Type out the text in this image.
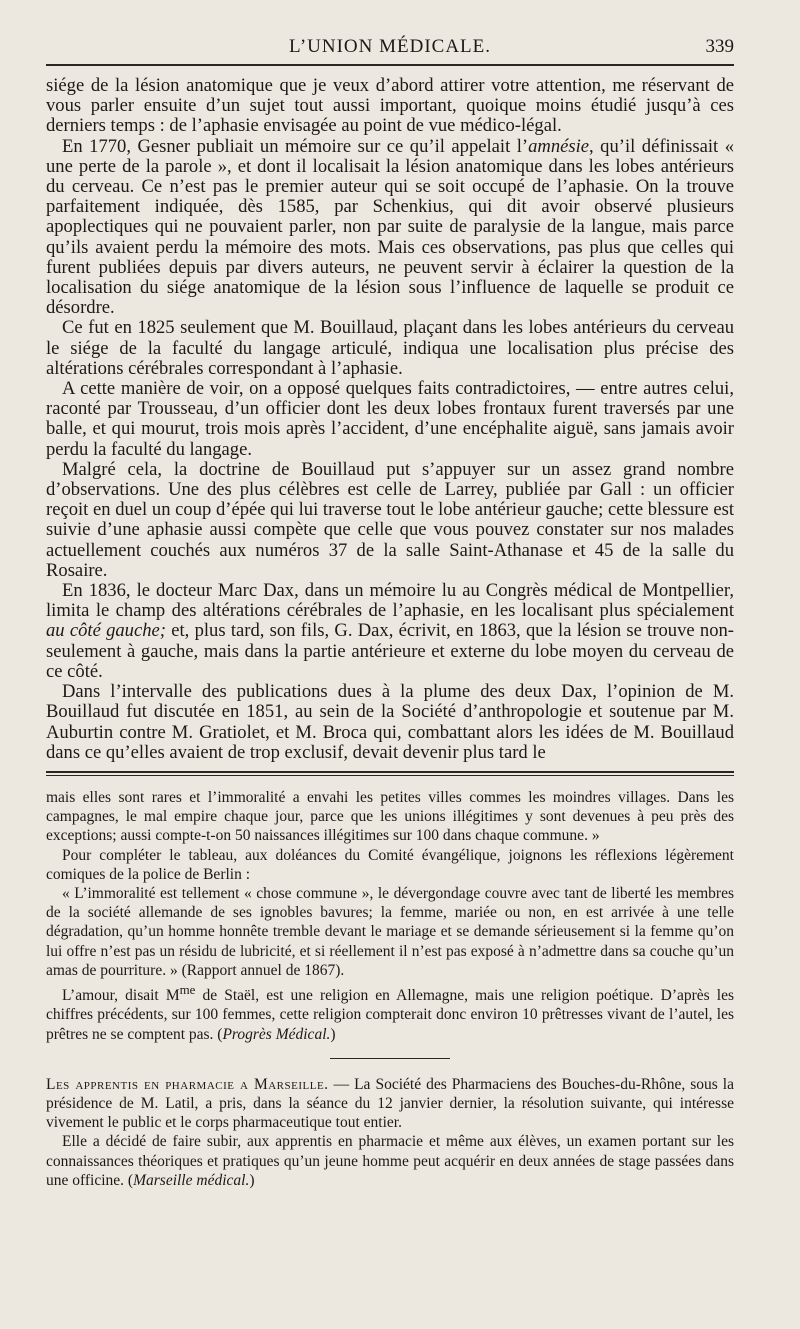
L’UNION MÉDICALE.	339

siége de la lésion anatomique que je veux d’abord attirer votre attention, me réservant de vous parler ensuite d’un sujet tout aussi important, quoique moins étudié jusqu’à ces derniers temps : de l’aphasie envisagée au point de vue médico-légal.

En 1770, Gesner publiait un mémoire sur ce qu’il appelait l’amnésie, qu’il définissait « une perte de la parole », et dont il localisait la lésion anatomique dans les lobes antérieurs du cerveau. Ce n’est pas le premier auteur qui se soit occupé de l’aphasie. On la trouve parfaitement indiquée, dès 1585, par Schenkius, qui dit avoir observé plusieurs apoplectiques qui ne pouvaient parler, non par suite de paralysie de la langue, mais parce qu’ils avaient perdu la mémoire des mots. Mais ces observations, pas plus que celles qui furent publiées depuis par divers auteurs, ne peuvent servir à éclairer la question de la localisation du siége anatomique de la lésion sous l’influence de laquelle se produit ce désordre.

Ce fut en 1825 seulement que M. Bouillaud, plaçant dans les lobes antérieurs du cerveau le siége de la faculté du langage articulé, indiqua une localisation plus précise des altérations cérébrales correspondant à l’aphasie.

A cette manière de voir, on a opposé quelques faits contradictoires, — entre autres celui, raconté par Trousseau, d’un officier dont les deux lobes frontaux furent traversés par une balle, et qui mourut, trois mois après l’accident, d’une encéphalite aiguë, sans jamais avoir perdu la faculté du langage.

Malgré cela, la doctrine de Bouillaud put s’appuyer sur un assez grand nombre d’observations. Une des plus célèbres est celle de Larrey, publiée par Gall : un officier reçoit en duel un coup d’épée qui lui traverse tout le lobe antérieur gauche; cette blessure est suivie d’une aphasie aussi compète que celle que vous pouvez constater sur nos malades actuellement couchés aux numéros 37 de la salle Saint-Athanase et 45 de la salle du Rosaire.

En 1836, le docteur Marc Dax, dans un mémoire lu au Congrès médical de Montpellier, limita le champ des altérations cérébrales de l’aphasie, en les localisant plus spécialement au côté gauche; et, plus tard, son fils, G. Dax, écrivit, en 1863, que la lésion se trouve non-seulement à gauche, mais dans la partie antérieure et externe du lobe moyen du cerveau de ce côté.

Dans l’intervalle des publications dues à la plume des deux Dax, l’opinion de M. Bouillaud fut discutée en 1851, au sein de la Société d’anthropologie et soutenue par M. Auburtin contre M. Gratiolet, et M. Broca qui, combattant alors les idées de M. Bouillaud dans ce qu’elles avaient de trop exclusif, devait devenir plus tard le

mais elles sont rares et l’immoralité a envahi les petites villes commes les moindres villages. Dans les campagnes, le mal empire chaque jour, parce que les unions illégitimes y sont devenues à peu près des exceptions; aussi compte-t-on 50 naissances illégitimes sur 100 dans chaque commune. »

Pour compléter le tableau, aux doléances du Comité évangélique, joignons les réflexions légèrement comiques de la police de Berlin :

« L’immoralité est tellement « chose commune », le dévergondage couvre avec tant de liberté les membres de la société allemande de ses ignobles bavures; la femme, mariée ou non, en est arrivée à une telle dégradation, qu’un homme honnête tremble devant le mariage et se demande sérieusement si la femme qu’on lui offre n’est pas un résidu de lubricité, et si réellement il n’est pas exposé à n’admettre dans sa couche qu’un amas de pourriture. » (Rapport annuel de 1867).

L’amour, disait $M^{me}$ de Staël, est une religion en Allemagne, mais une religion poétique. D’après les chiffres précédents, sur 100 femmes, cette religion compterait donc environ 10 prêtresses vivant de l’autel, les prêtres ne se comptent pas. (Progrès Médical.)

Les apprentis en pharmacie a Marseille. — La Société des Pharmaciens des Bouches-du-Rhône, sous la présidence de M. Latil, a pris, dans la séance du 12 janvier dernier, la résolution suivante, qui intéresse vivement le public et le corps pharmaceutique tout entier.

Elle a décidé de faire subir, aux apprentis en pharmacie et même aux élèves, un examen portant sur les connaissances théoriques et pratiques qu’un jeune homme peut acquérir en deux années de stage passées dans une officine. (Marseille médical.)
